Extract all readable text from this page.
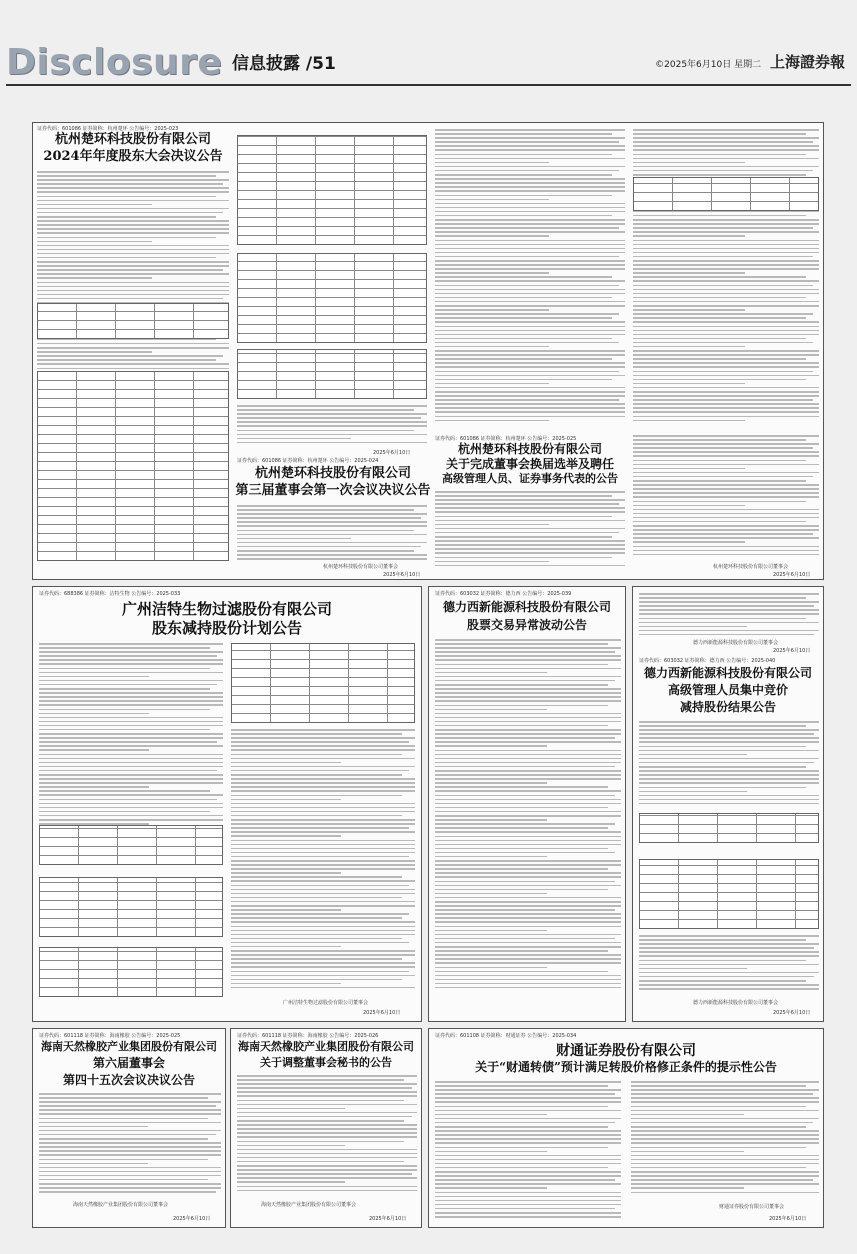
Disclosure 信息披露 /51	©2025年6月10日 星期二 上海證券報
证券代码：601086 证券简称：杭州楚环 公告编号：2025-023
杭州楚环科技股份有限公司
2024年年度股东大会决议公告
2025年6月10日
证券代码：601086 证券简称：杭州楚环 公告编号：2025-024
杭州楚环科技股份有限公司
第三届董事会第一次会议决议公告
杭州楚环科技股份有限公司董事会
2025年6月10日
证券代码：601086 证券简称：杭州楚环 公告编号：2025-025
杭州楚环科技股份有限公司
关于完成董事会换届选举及聘任
高级管理人员、证券事务代表的公告
杭州楚环科技股份有限公司董事会
2025年6月10日
证券代码：688386 证券简称：洁特生物 公告编号：2025-033
广州洁特生物过滤股份有限公司
股东减持股份计划公告
广州洁特生物过滤股份有限公司董事会
2025年6月10日
证券代码：603032 证券简称：德力西 公告编号：2025-039
德力西新能源科技股份有限公司
股票交易异常波动公告
德力西新能源科技股份有限公司董事会
2025年6月10日
证券代码：603032 证券简称：德力西 公告编号：2025-040
德力西新能源科技股份有限公司
高级管理人员集中竞价
减持股份结果公告
德力西新能源科技股份有限公司董事会
2025年6月10日
证券代码：601118 证券简称：海南橡胶 公告编号：2025-025
海南天然橡胶产业集团股份有限公司
第六届董事会
第四十五次会议决议公告
海南天然橡胶产业集团股份有限公司董事会
2025年6月10日
证券代码：601118 证券简称：海南橡胶 公告编号：2025-026
海南天然橡胶产业集团股份有限公司
关于调整董事会秘书的公告
海南天然橡胶产业集团股份有限公司董事会
2025年6月10日
证券代码：601108 证券简称：财通证券 公告编号：2025-034
财通证券股份有限公司
关于“财通转债”预计满足转股价格修正条件的提示性公告
财通证券股份有限公司董事会
2025年6月10日
